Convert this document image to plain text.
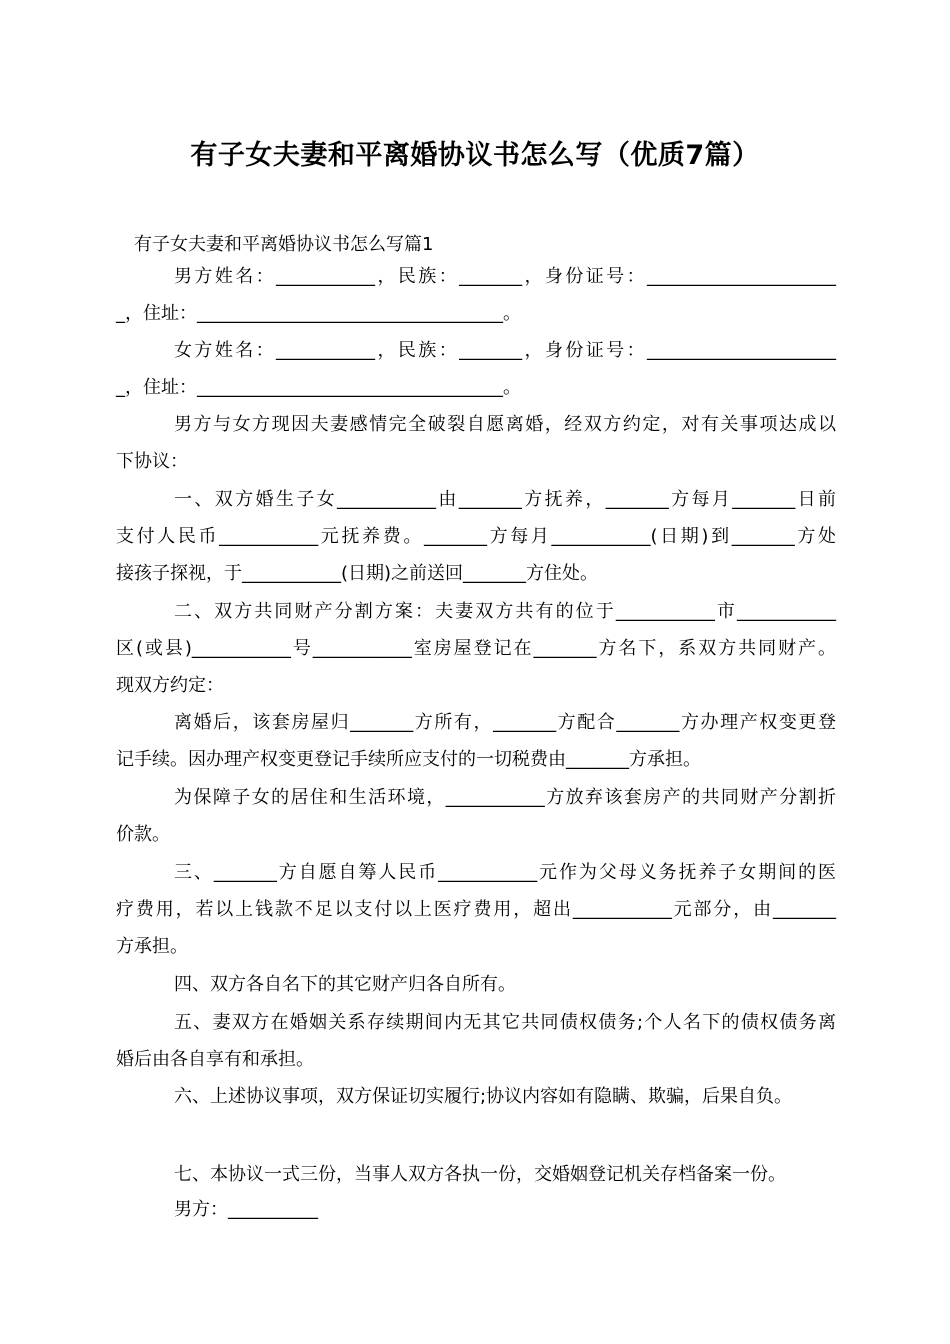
有子女夫妻和平离婚协议书怎么写（优质7篇）
有子女夫妻和平离婚协议书怎么写篇1
男方姓名：___________，民族：_______，身份证号：_____________________
_，住址：__________________________________。
女方姓名：___________，民族：_______，身份证号：_____________________
_，住址：__________________________________。
男方与女方现因夫妻感情完全破裂自愿离婚，经双方约定，对有关事项达成以
下协议：
一、双方婚生子女___________由_______方抚养，_______方每月_______日前
支付人民币___________元抚养费。_______方每月___________(日期)到_______方处
接孩子探视，于___________(日期)之前送回_______方住处。
二、双方共同财产分割方案：夫妻双方共有的位于___________市___________
区(或县)___________号___________室房屋登记在_______方名下，系双方共同财产。
现双方约定：
离婚后，该套房屋归_______方所有，_______方配合_______方办理产权变更登
记手续。因办理产权变更登记手续所应支付的一切税费由_______方承担。
为保障子女的居住和生活环境，___________方放弃该套房产的共同财产分割折
价款。
三、_______方自愿自筹人民币___________元作为父母义务抚养子女期间的医
疗费用，若以上钱款不足以支付以上医疗费用，超出___________元部分，由_______
方承担。
四、双方各自名下的其它财产归各自所有。
五、妻双方在婚姻关系存续期间内无其它共同债权债务;个人名下的债权债务离
婚后由各自享有和承担。
六、上述协议事项，双方保证切实履行;协议内容如有隐瞒、欺骗，后果自负。
七、本协议一式三份，当事人双方各执一份，交婚姻登记机关存档备案一份。
男方：__________
